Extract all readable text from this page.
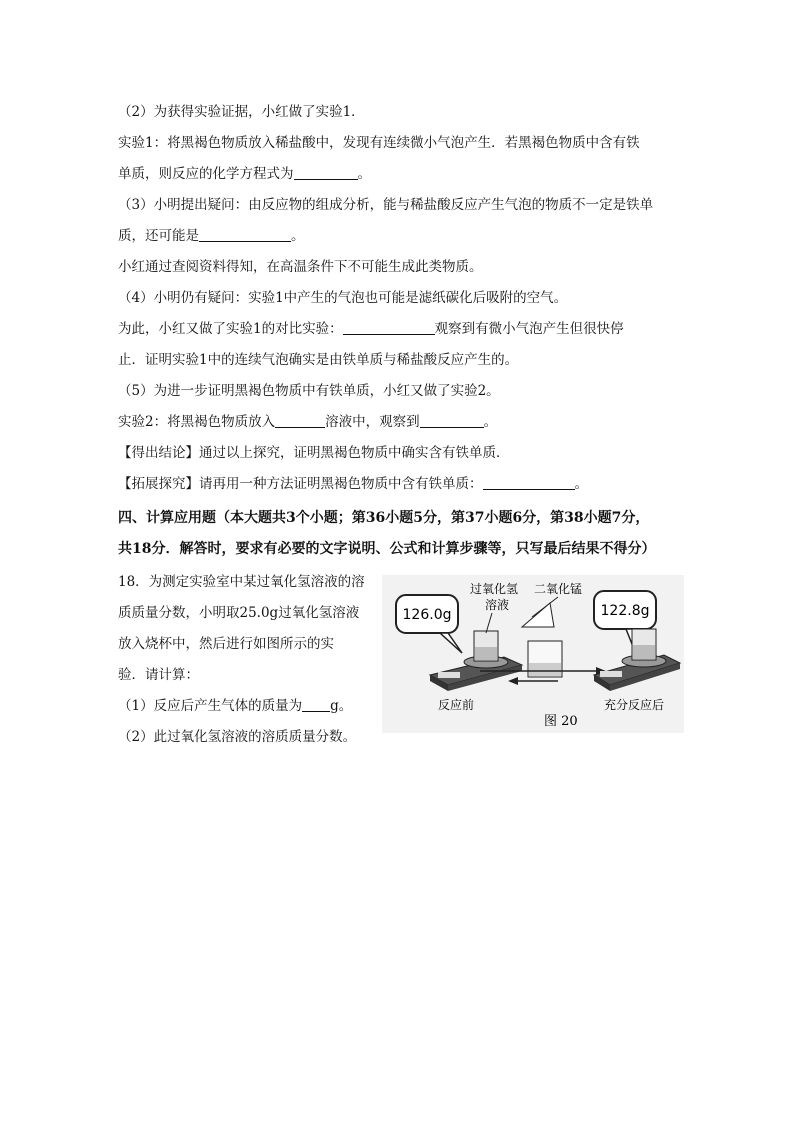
（2）为获得实验证据，小红做了实验1．
实验1：将黑褐色物质放入稀盐酸中，发现有连续微小气泡产生．若黑褐色物质中含有铁
单质，则反应的化学方程式为	。
（3）小明提出疑问：由反应物的组成分析，能与稀盐酸反应产生气泡的物质不一定是铁单
质，还可能是	。
小红通过查阅资料得知，在高温条件下不可能生成此类物质。
（4）小明仍有疑问：实验1中产生的气泡也可能是滤纸碳化后吸附的空气。
为此，小红又做了实验1的对比实验：	观察到有微小气泡产生但很快停
止．证明实验1中的连续气泡确实是由铁单质与稀盐酸反应产生的。
（5）为进一步证明黑褐色物质中有铁单质，小红又做了实验2。
实验2：将黑褐色物质放入	溶液中，观察到	。
【得出结论】通过以上探究，证明黑褐色物质中确实含有铁单质．
【拓展探究】请再用一种方法证明黑褐色物质中含有铁单质：	。
四、计算应用题（本大题共3个小题；第36小题5分，第37小题6分，第38小题7分，
共18分．解答时，要求有必要的文字说明、公式和计算步骤等，只写最后结果不得分）
18．为测定实验室中某过氧化氢溶液的溶
质质量分数，小明取25.0g过氧化氢溶液
放入烧杯中，然后进行如图所示的实
验．请计算：
（1）反应后产生气体的质量为 g。
（2）此过氧化氢溶液的溶质质量分数。
126.0g
过氧化氢
溶液
二氧化锰
122.8g
反应前
图 20
充分反应后
